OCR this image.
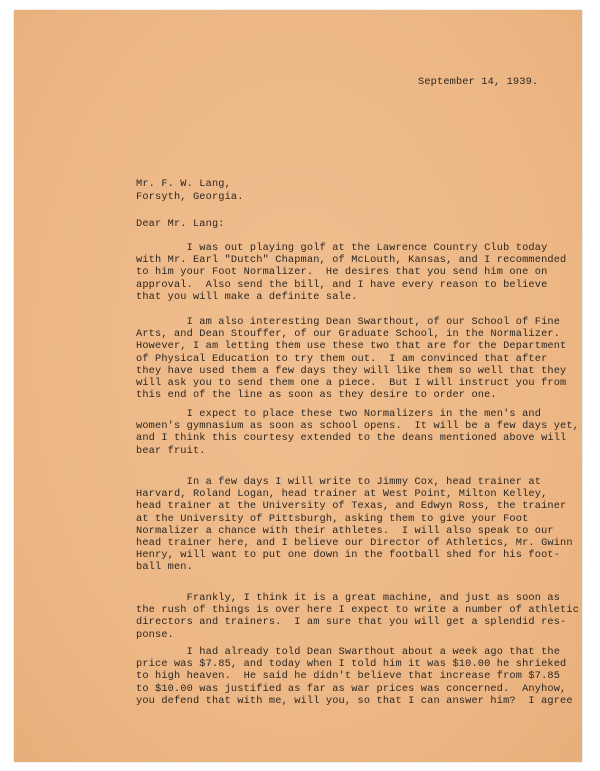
September 14, 1939.
Mr. F. W. Lang,
Forsyth, Georgia.
Dear Mr. Lang:
I was out playing golf at the Lawrence Country Club today
with Mr. Earl "Dutch" Chapman, of McLouth, Kansas, and I recommended
to him your Foot Normalizer.  He desires that you send him one on
approval.  Also send the bill, and I have every reason to believe
that you will make a definite sale.
I am also interesting Dean Swarthout, of our School of Fine
Arts, and Dean Stouffer, of our Graduate School, in the Normalizer.
However, I am letting them use these two that are for the Department
of Physical Education to try them out.  I am convinced that after
they have used them a few days they will like them so well that they
will ask you to send them one a piece.  But I will instruct you from
this end of the line as soon as they desire to order one.
I expect to place these two Normalizers in the men's and
women's gymnasium as soon as school opens.  It will be a few days yet,
and I think this courtesy extended to the deans mentioned above will
bear fruit.
In a few days I will write to Jimmy Cox, head trainer at
Harvard, Roland Logan, head trainer at West Point, Milton Kelley,
head trainer at the University of Texas, and Edwyn Ross, the trainer
at the University of Pittsburgh, asking them to give your Foot
Normalizer a chance with their athletes.  I will also speak to our
head trainer here, and I believe our Director of Athletics, Mr. Gwinn
Henry, will want to put one down in the football shed for his foot-
ball men.
Frankly, I think it is a great machine, and just as soon as
the rush of things is over here I expect to write a number of athletic
directors and trainers.  I am sure that you will get a splendid res-
ponse.
I had already told Dean Swarthout about a week ago that the
price was $7.85, and today when I told him it was $10.00 he shrieked
to high heaven.  He said he didn't believe that increase from $7.85
to $10.00 was justified as far as war prices was concerned.  Anyhow,
you defend that with me, will you, so that I can answer him?  I agree
